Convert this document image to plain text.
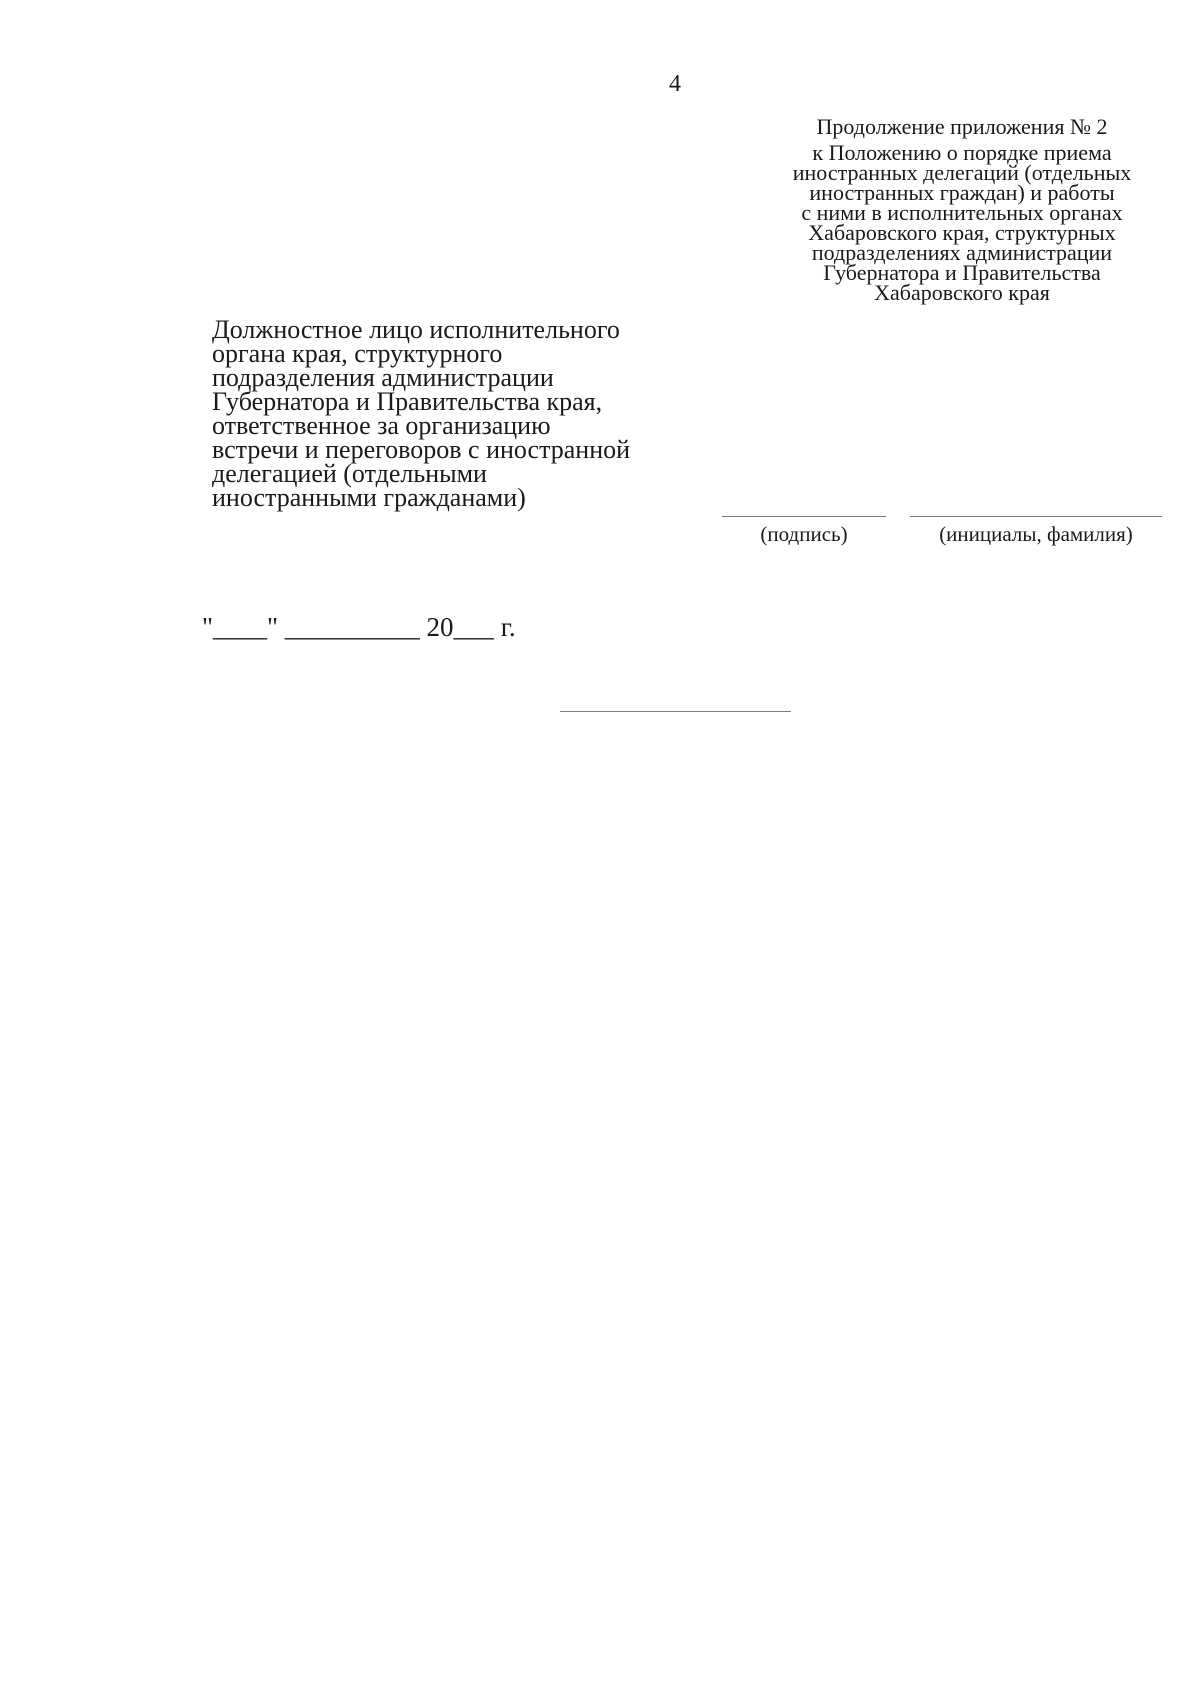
4
Продолжение приложения № 2
к Положению о порядке приема
иностранных делегаций (отдельных
иностранных граждан) и работы
с ними в исполнительных органах
Хабаровского края, структурных
подразделениях администрации
Губернатора и Правительства
Хабаровского края
Должностное лицо исполнительного
органа края, структурного
подразделения администрации
Губернатора и Правительства края,
ответственное за организацию
встречи и переговоров с иностранной
делегацией (отдельными
иностранными гражданами)
(подпись)	(инициалы, фамилия)
"____" __________ 20___ г.
